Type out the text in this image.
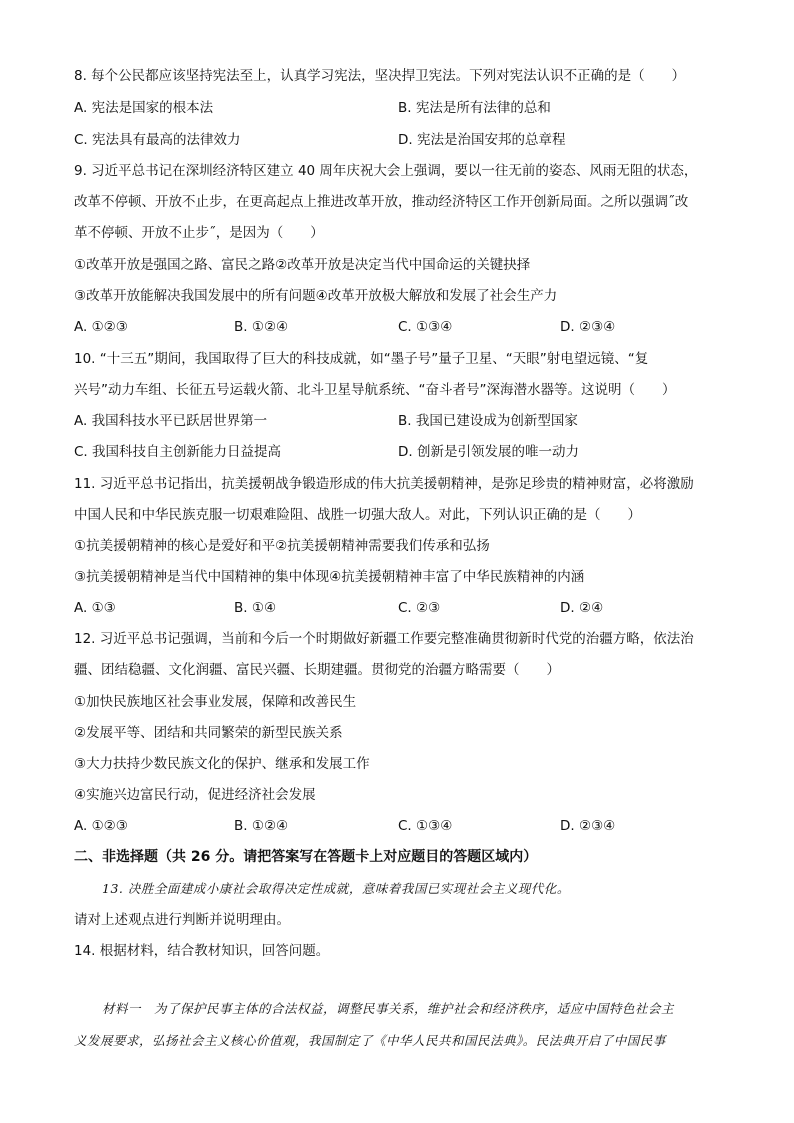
8. 每个公民都应该坚持宪法至上，认真学习宪法，坚决捍卫宪法。下列对宪法认识不正确的是（　　）
A. 宪法是国家的根本法	B. 宪法是所有法律的总和
C. 宪法具有最高的法律效力	D. 宪法是治国安邦的总章程
9. 习近平总书记在深圳经济特区建立 40 周年庆祝大会上强调，要以一往无前的姿态、风雨无阻的状态，
改革不停顿、开放不止步，在更高起点上推进改革开放，推动经济特区工作开创新局面。之所以强调˝改
革不停顿、开放不止步˝，是因为（　　）
①改革开放是强国之路、富民之路②改革开放是决定当代中国命运的关键抉择
③改革开放能解决我国发展中的所有问题④改革开放极大解放和发展了社会生产力
A. ①②③	B. ①②④	C. ①③④	D. ②③④
10. “十三五”期间，我国取得了巨大的科技成就，如“墨子号”量子卫星、“天眼”射电望远镜、“复
兴号”动力车组、长征五号运载火箭、北斗卫星导航系统、“奋斗者号”深海潜水器等。这说明（　　）
A. 我国科技水平已跃居世界第一	B. 我国已建设成为创新型国家
C. 我国科技自主创新能力日益提高	D. 创新是引领发展的唯一动力
11. 习近平总书记指出，抗美援朝战争锻造形成的伟大抗美援朝精神，是弥足珍贵的精神财富，必将激励
中国人民和中华民族克服一切艰难险阻、战胜一切强大敌人。对此，下列认识正确的是（　　）
①抗美援朝精神的核心是爱好和平②抗美援朝精神需要我们传承和弘扬
③抗美援朝精神是当代中国精神的集中体现④抗美援朝精神丰富了中华民族精神的内涵
A. ①③	B. ①④	C. ②③	D. ②④
12. 习近平总书记强调，当前和今后一个时期做好新疆工作要完整准确贯彻新时代党的治疆方略，依法治
疆、团结稳疆、文化润疆、富民兴疆、长期建疆。贯彻党的治疆方略需要（　　）
①加快民族地区社会事业发展，保障和改善民生
②发展平等、团结和共同繁荣的新型民族关系
③大力扶持少数民族文化的保护、继承和发展工作
④实施兴边富民行动，促进经济社会发展
A. ①②③	B. ①②④	C. ①③④	D. ②③④
二、非选择题（共 26 分。请把答案写在答题卡上对应题目的答题区域内）
13. 决胜全面建成小康社会取得决定性成就，意味着我国已实现社会主义现代化。
请对上述观点进行判断并说明理由。
14. 根据材料，结合教材知识，回答问题。
材料一　为了保护民事主体的合法权益，调整民事关系，维护社会和经济秩序，适应中国特色社会主
义发展要求，弘扬社会主义核心价值观，我国制定了《中华人民共和国民法典》。民法典开启了中国民事
